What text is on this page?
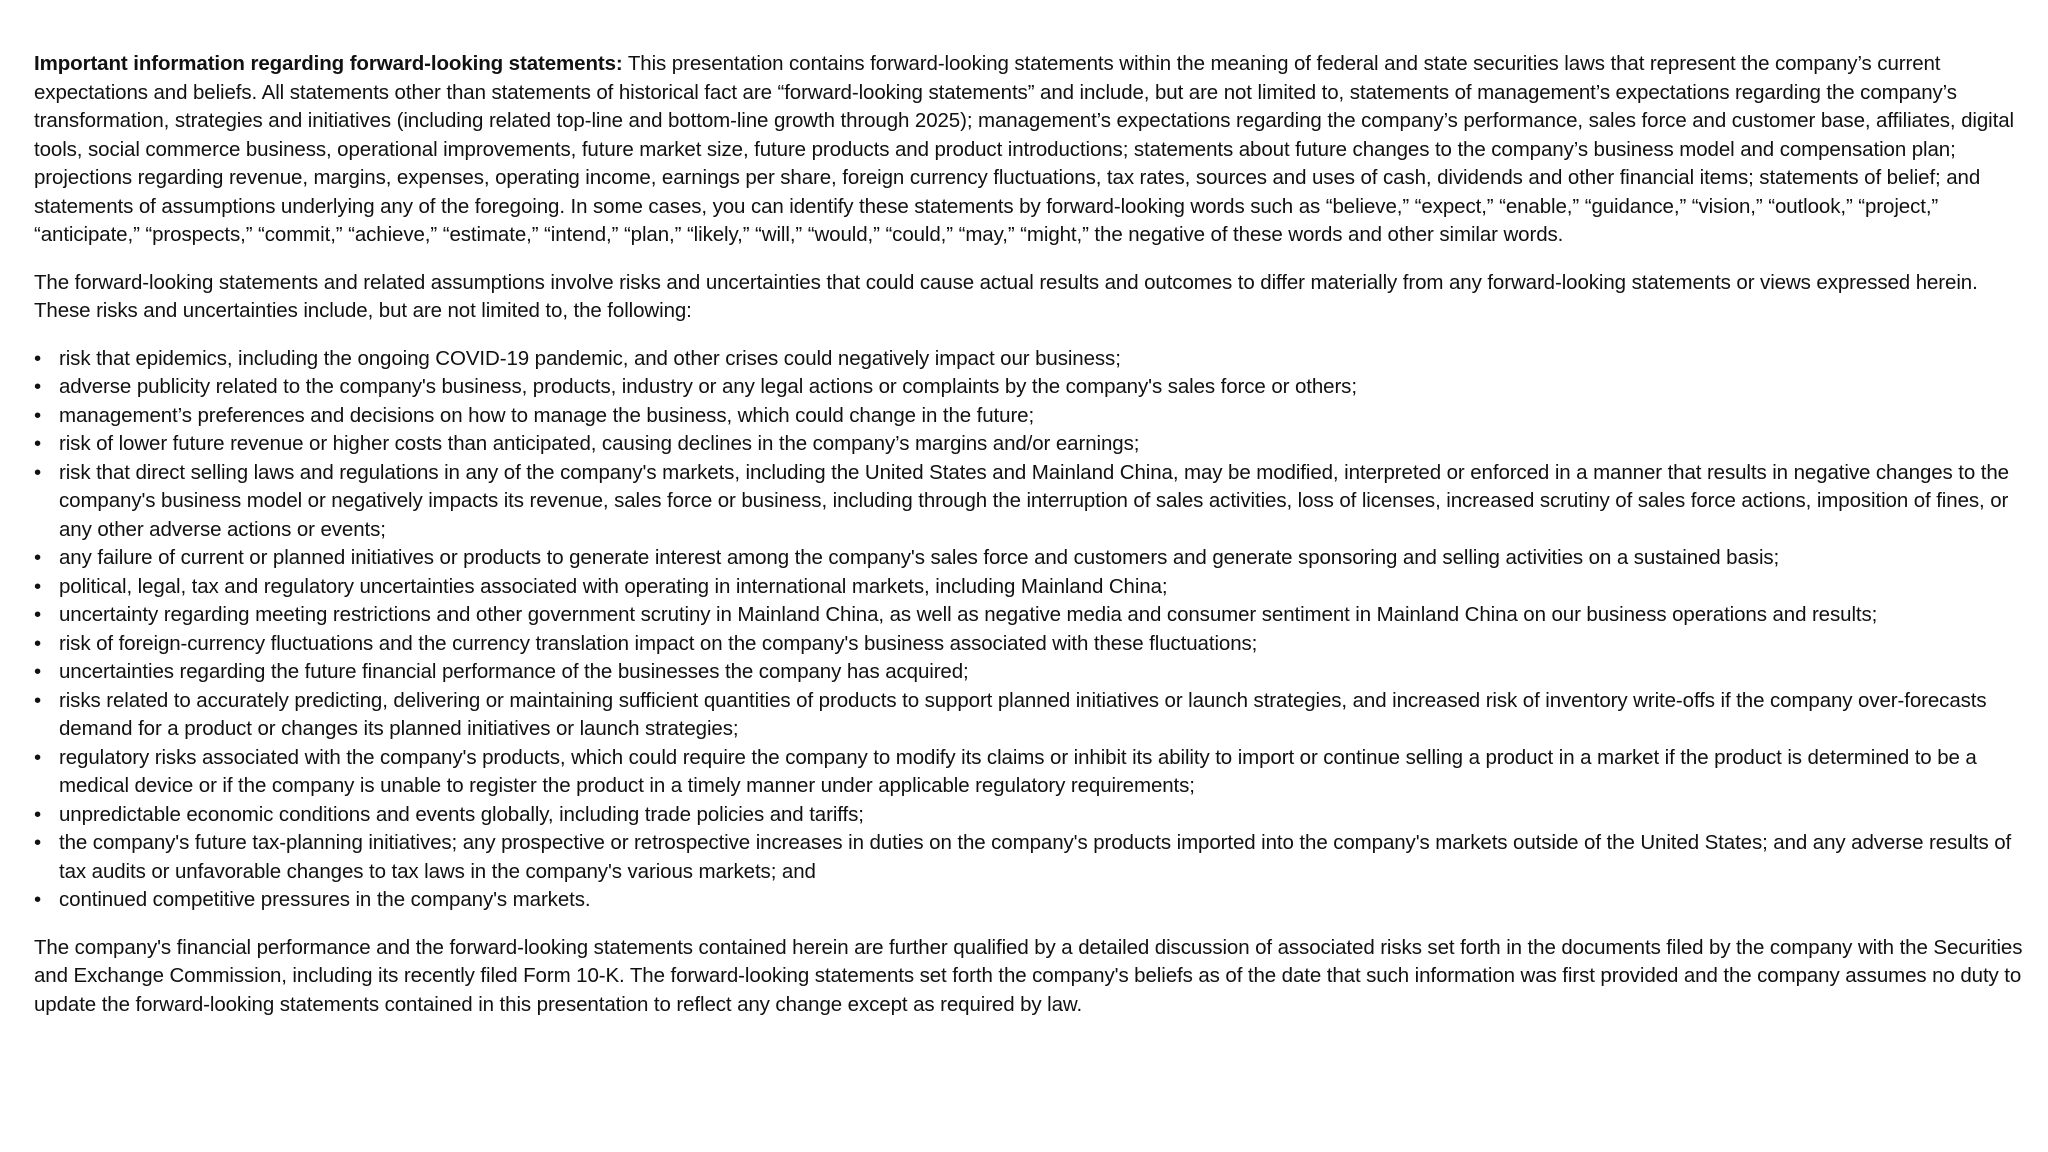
Important information regarding forward-looking statements: This presentation contains forward-looking statements within the meaning of federal and state securities laws that represent the company’s current expectations and beliefs. All statements other than statements of historical fact are “forward-looking statements” and include, but are not limited to, statements of management’s expectations regarding the company’s transformation, strategies and initiatives (including related top-line and bottom-line growth through 2025); management’s expectations regarding the company’s performance, sales force and customer base, affiliates, digital tools, social commerce business, operational improvements, future market size, future products and product introductions; statements about future changes to the company’s business model and compensation plan; projections regarding revenue, margins, expenses, operating income, earnings per share, foreign currency fluctuations, tax rates, sources and uses of cash, dividends and other financial items; statements of belief; and statements of assumptions underlying any of the foregoing. In some cases, you can identify these statements by forward-looking words such as “believe,” “expect,” “enable,” “guidance,” “vision,” “outlook,” “project,” “anticipate,” “prospects,” “commit,” “achieve,” “estimate,” “intend,” “plan,” “likely,” “will,” “would,” “could,” “may,” “might,” the negative of these words and other similar words.

The forward-looking statements and related assumptions involve risks and uncertainties that could cause actual results and outcomes to differ materially from any forward-looking statements or views expressed herein. These risks and uncertainties include, but are not limited to, the following:

• risk that epidemics, including the ongoing COVID-19 pandemic, and other crises could negatively impact our business;
• adverse publicity related to the company's business, products, industry or any legal actions or complaints by the company's sales force or others;
• management’s preferences and decisions on how to manage the business, which could change in the future;
• risk of lower future revenue or higher costs than anticipated, causing declines in the company’s margins and/or earnings;
• risk that direct selling laws and regulations in any of the company's markets, including the United States and Mainland China, may be modified, interpreted or enforced in a manner that results in negative changes to the company's business model or negatively impacts its revenue, sales force or business, including through the interruption of sales activities, loss of licenses, increased scrutiny of sales force actions, imposition of fines, or any other adverse actions or events;
• any failure of current or planned initiatives or products to generate interest among the company's sales force and customers and generate sponsoring and selling activities on a sustained basis;
• political, legal, tax and regulatory uncertainties associated with operating in international markets, including Mainland China;
• uncertainty regarding meeting restrictions and other government scrutiny in Mainland China, as well as negative media and consumer sentiment in Mainland China on our business operations and results;
• risk of foreign-currency fluctuations and the currency translation impact on the company's business associated with these fluctuations;
• uncertainties regarding the future financial performance of the businesses the company has acquired;
• risks related to accurately predicting, delivering or maintaining sufficient quantities of products to support planned initiatives or launch strategies, and increased risk of inventory write-offs if the company over-forecasts demand for a product or changes its planned initiatives or launch strategies;
• regulatory risks associated with the company's products, which could require the company to modify its claims or inhibit its ability to import or continue selling a product in a market if the product is determined to be a medical device or if the company is unable to register the product in a timely manner under applicable regulatory requirements;
• unpredictable economic conditions and events globally, including trade policies and tariffs;
• the company's future tax-planning initiatives; any prospective or retrospective increases in duties on the company's products imported into the company's markets outside of the United States; and any adverse results of tax audits or unfavorable changes to tax laws in the company's various markets; and
• continued competitive pressures in the company's markets.

The company's financial performance and the forward-looking statements contained herein are further qualified by a detailed discussion of associated risks set forth in the documents filed by the company with the Securities and Exchange Commission, including its recently filed Form 10-K. The forward-looking statements set forth the company's beliefs as of the date that such information was first provided and the company assumes no duty to update the forward-looking statements contained in this presentation to reflect any change except as required by law.
